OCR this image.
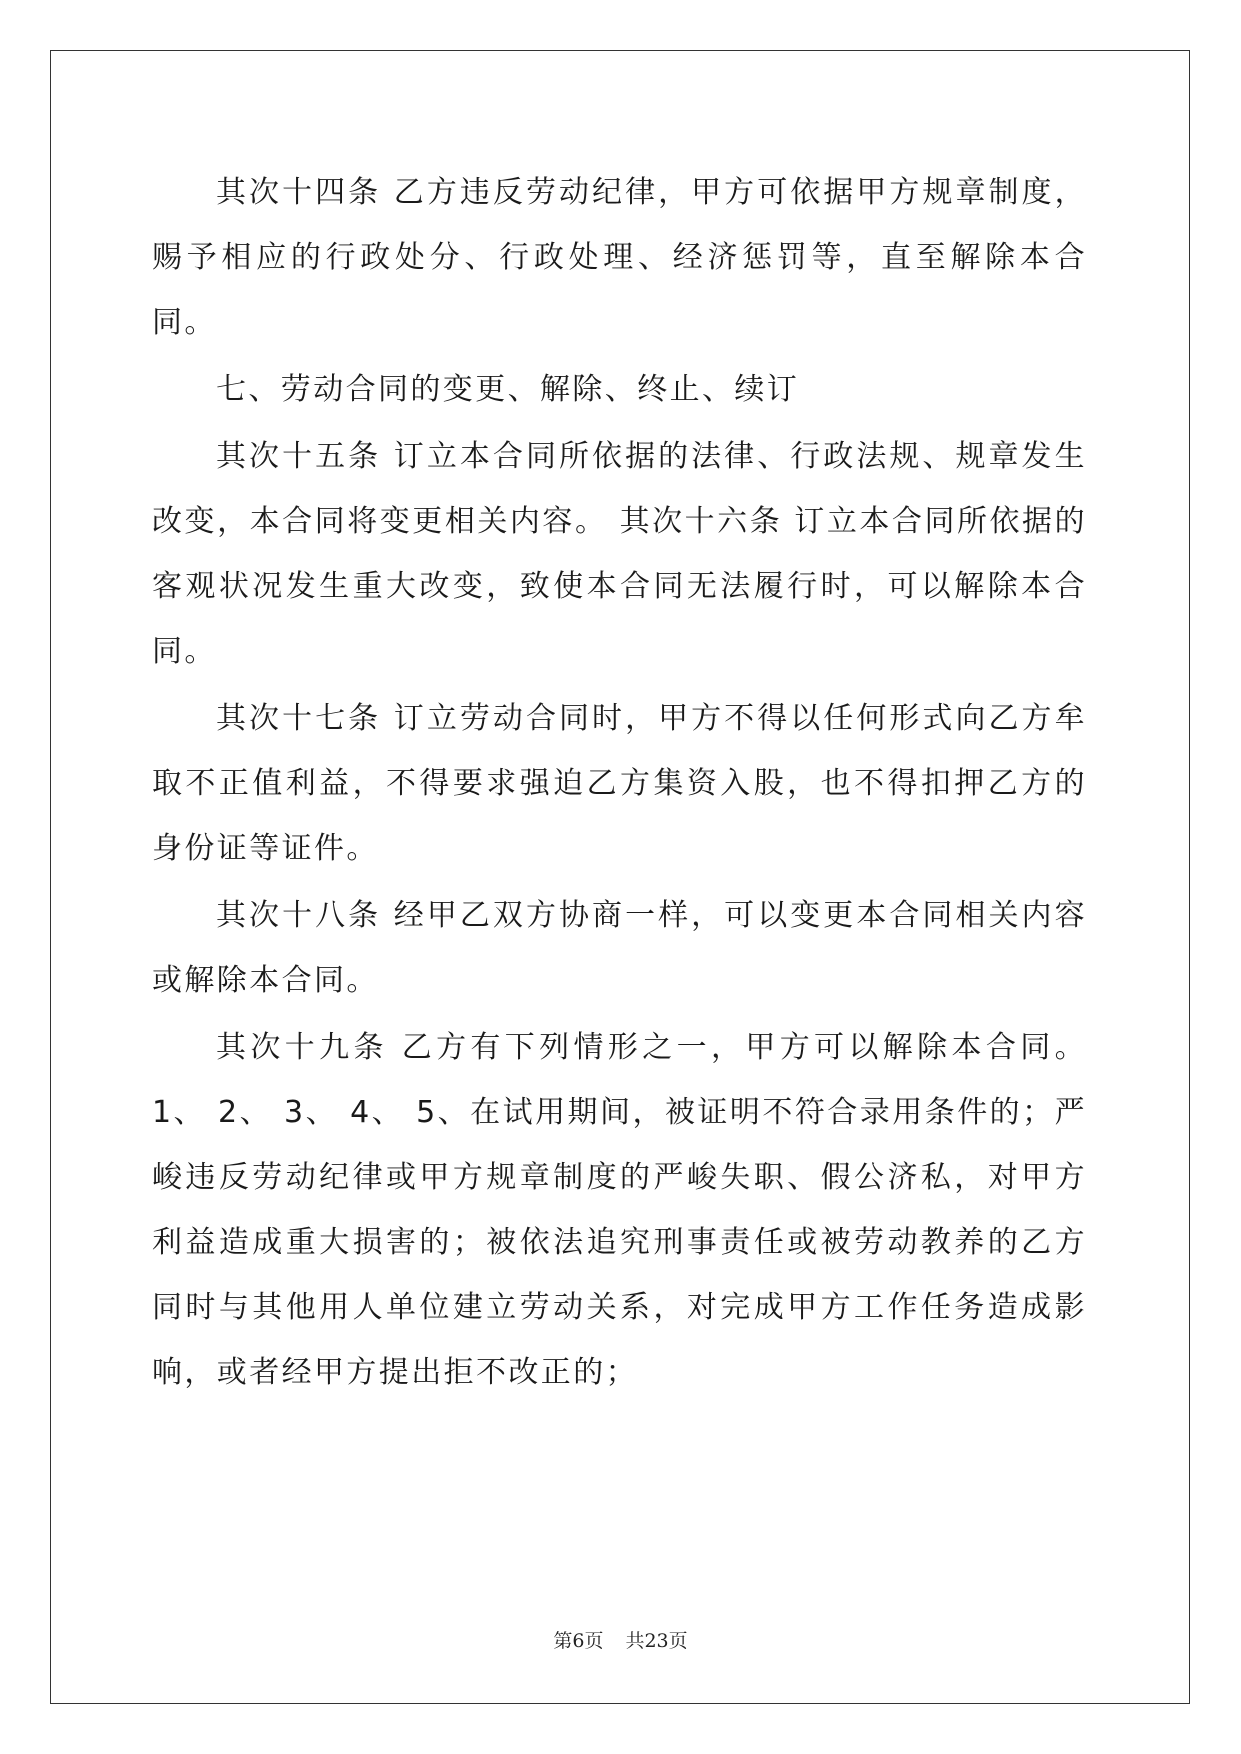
其次十四条 乙方违反劳动纪律，甲方可依据甲方规章制度，赐予相应的行政处分、行政处理、经济惩罚等，直至解除本合同。

七、劳动合同的变更、解除、终止、续订

其次十五条 订立本合同所依据的法律、行政法规、规章发生改变，本合同将变更相关内容。 其次十六条 订立本合同所依据的客观状况发生重大改变，致使本合同无法履行时，可以解除本合同。

其次十七条 订立劳动合同时，甲方不得以任何形式向乙方牟取不正值利益，不得要求强迫乙方集资入股，也不得扣押乙方的身份证等证件。

其次十八条 经甲乙双方协商一样，可以变更本合同相关内容或解除本合同。

其次十九条 乙方有下列情形之一，甲方可以解除本合同。 1、 2、 3、 4、 5、在试用期间，被证明不符合录用条件的；严峻违反劳动纪律或甲方规章制度的严峻失职、假公济私，对甲方利益造成重大损害的；被依法追究刑事责任或被劳动教养的乙方同时与其他用人单位建立劳动关系，对完成甲方工作任务造成影响，或者经甲方提出拒不改正的；

第6页 共23页
